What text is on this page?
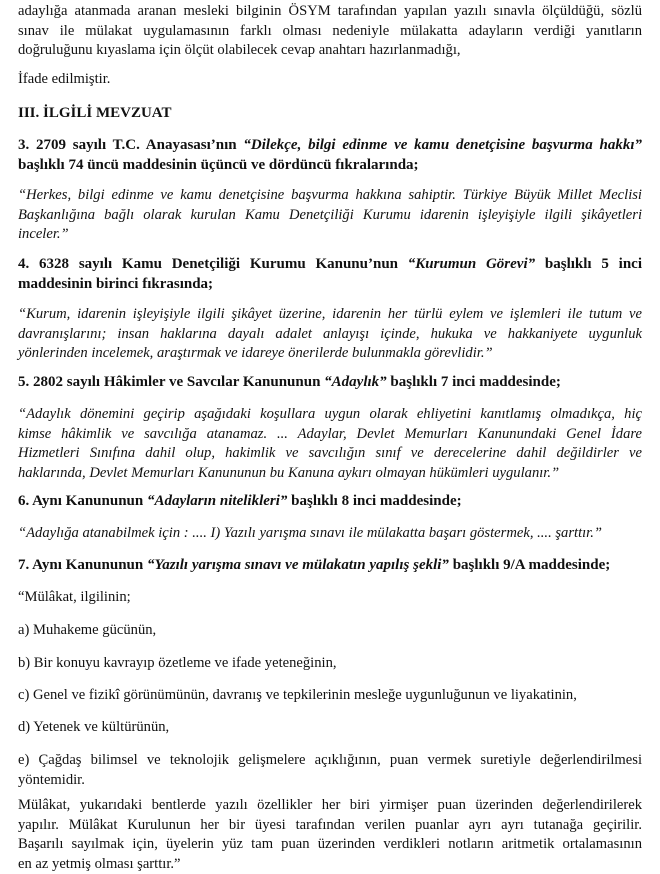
adaylığa atanmada aranan mesleki bilginin ÖSYM tarafından yapılan yazılı sınavla ölçüldüğü, sözlü
sınav ile mülakat uygulamasının farklı olması nedeniyle mülakatta adayların verdiği yanıtların
doğruluğunu kıyaslama için ölçüt olabilecek cevap anahtarı hazırlanmadığı,

İfade edilmiştir.

III. İLGİLİ MEVZUAT

3. 2709 sayılı T.C. Anayasası’nın “Dilekçe, bilgi edinme ve kamu denetçisine başvurma hakkı”
başlıklı 74 üncü maddesinin üçüncü ve dördüncü fıkralarında;

“Herkes, bilgi edinme ve kamu denetçisine başvurma hakkına sahiptir. Türkiye Büyük Millet Meclisi
Başkanlığına bağlı olarak kurulan Kamu Denetçiliği Kurumu idarenin işleyişiyle ilgili şikâyetleri
inceler.”

4. 6328 sayılı Kamu Denetçiliği Kurumu Kanunu’nun “Kurumun Görevi” başlıklı 5 inci
maddesinin birinci fıkrasında;

“Kurum, idarenin işleyişiyle ilgili şikâyet üzerine, idarenin her türlü eylem ve işlemleri ile tutum ve
davranışlarını; insan haklarına dayalı adalet anlayışı içinde, hukuka ve hakkaniyete uygunluk
yönlerinden incelemek, araştırmak ve idareye önerilerde bulunmakla görevlidir.”

5. 2802 sayılı Hâkimler ve Savcılar Kanununun “Adaylık” başlıklı 7 inci maddesinde;

“Adaylık dönemini geçirip aşağıdaki koşullara uygun olarak ehliyetini kanıtlamış olmadıkça, hiç
kimse hâkimlik ve savcılığa atanamaz. ... Adaylar, Devlet Memurları Kanunundaki Genel İdare
Hizmetleri Sınıfına dahil olup, hakimlik ve savcılığın sınıf ve derecelerine dahil değildirler ve
haklarında, Devlet Memurları Kanununun bu Kanuna aykırı olmayan hükümleri uygulanır.”

6. Aynı Kanununun “Adayların nitelikleri” başlıklı 8 inci maddesinde;

“Adaylığa atanabilmek için : .... I) Yazılı yarışma sınavı ile mülakatta başarı göstermek, .... şarttır.”

7. Aynı Kanununun “Yazılı yarışma sınavı ve mülakatın yapılış şekli” başlıklı 9/A maddesinde;

“Mülâkat, ilgilinin;

a) Muhakeme gücünün,

b) Bir konuyu kavrayıp özetleme ve ifade yeteneğinin,

c) Genel ve fizikî görünümünün, davranış ve tepkilerinin mesleğe uygunluğunun ve liyakatinin,

d) Yetenek ve kültürünün,

e) Çağdaş bilimsel ve teknolojik gelişmelere açıklığının, puan vermek suretiyle değerlendirilmesi
yöntemidir.

Mülâkat, yukarıdaki bentlerde yazılı özellikler her biri yirmişer puan üzerinden değerlendirilerek
yapılır. Mülâkat Kurulunun her bir üyesi tarafından verilen puanlar ayrı ayrı tutanağa geçirilir.
Başarılı sayılmak için, üyelerin yüz tam puan üzerinden verdikleri notların aritmetik ortalamasının
en az yetmiş olması şarttır.”
